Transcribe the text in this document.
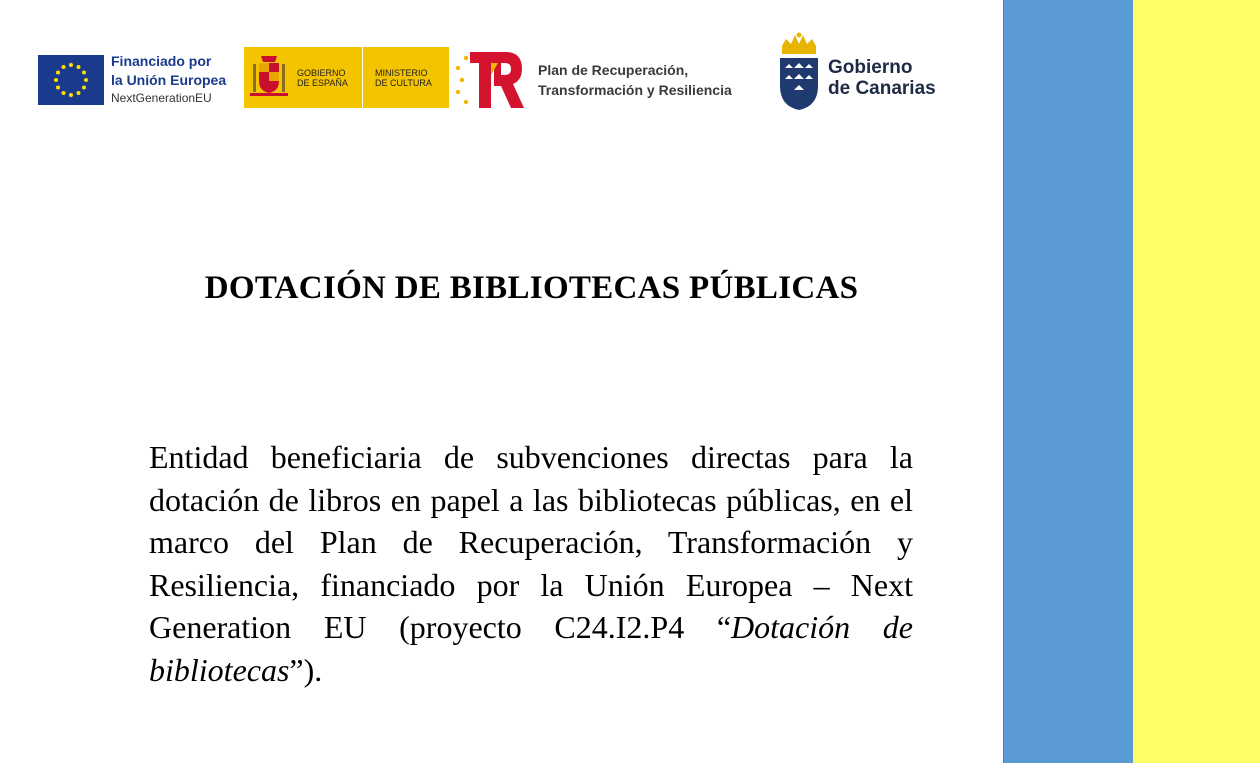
Financiado por
la Unión Europea
NextGenerationEU
GOBIERNO
DE ESPAÑA
MINISTERIO
DE CULTURA
Plan de Recuperación,
Transformación y Resiliencia
Gobierno
de Canarias
DOTACIÓN DE BIBLIOTECAS PÚBLICAS
Entidad beneficiaria de subvenciones directas para la dotación de libros en papel a las bibliotecas públicas, en el marco del Plan de Recuperación, Transformación y Resiliencia, financiado por la Unión Europea – Next Generation EU (proyecto C24.I2.P4 “Dotación de bibliotecas”).
